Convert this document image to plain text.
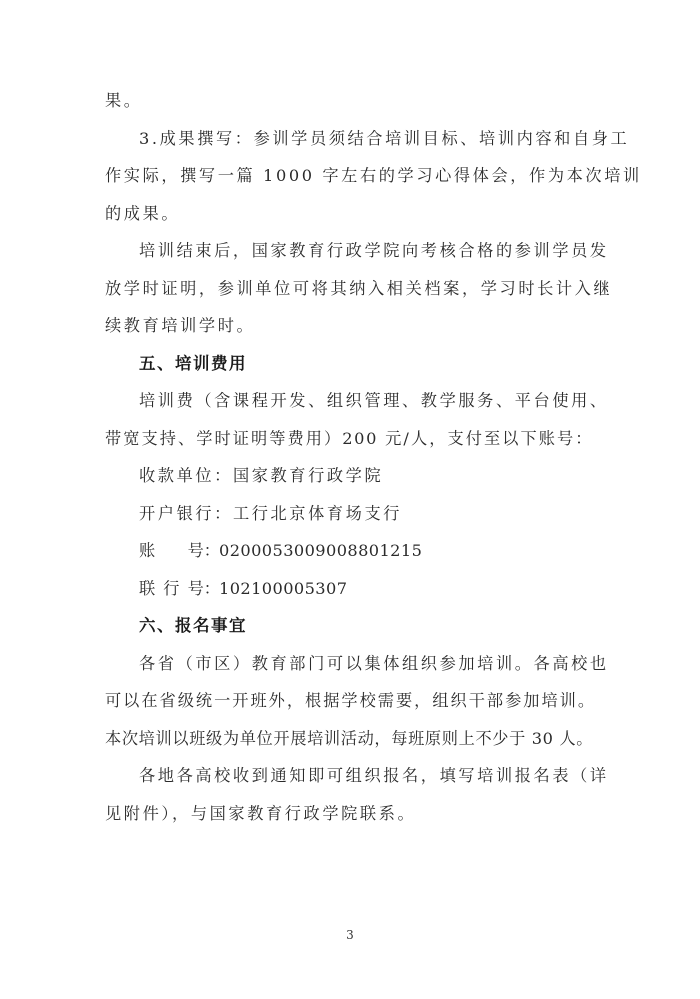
果。
3.成果撰写：参训学员须结合培训目标、培训内容和自身工
作实际，撰写一篇 1000 字左右的学习心得体会，作为本次培训
的成果。
培训结束后，国家教育行政学院向考核合格的参训学员发
放学时证明，参训单位可将其纳入相关档案，学习时长计入继
续教育培训学时。
五、培训费用
培训费（含课程开发、组织管理、教学服务、平台使用、
带宽支持、学时证明等费用）200 元/人，支付至以下账号：
收款单位：国家教育行政学院
开户银行：工行北京体育场支行
账   号：0200053009008801215
联  行  号：102100005307
六、报名事宜
各省（市区）教育部门可以集体组织参加培训。各高校也
可以在省级统一开班外，根据学校需要，组织干部参加培训。
本次培训以班级为单位开展培训活动，每班原则上不少于 30 人。
各地各高校收到通知即可组织报名，填写培训报名表（详
见附件），与国家教育行政学院联系。
3
